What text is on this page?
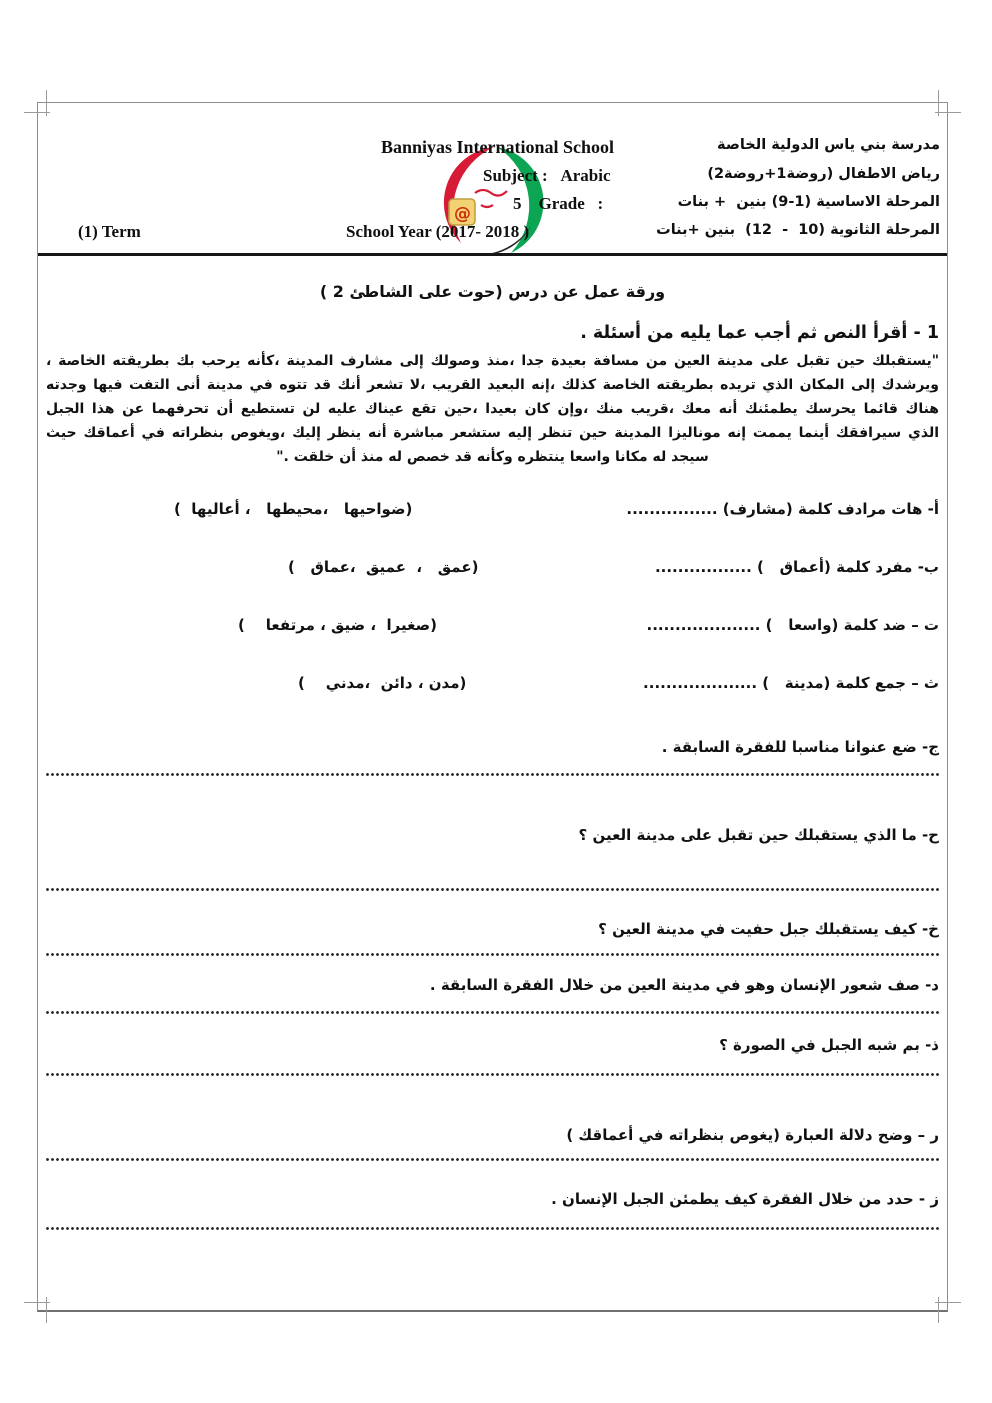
@
Banniyas International School	مدرسة بني ياس الدولية الخاصة
Subject :   Arabic	رياض الاطفال (روضة1+روضة2)
5    Grade   :	المرحلة الاساسية (1-9) بنين  + بنات
(1) Term	School Year (2017- 2018 )	المرحلة الثانوية (10  -  12)  بنين +بنات
ورقة عمل عن درس (حوت على الشاطئ 2 )
1 - أقرأ النص ثم أجب عما يليه من أسئلة .
"يستقبلك حين تقبل على مدينة العين من مسافة بعيدة جدا ،منذ وصولك إلى مشارف المدينة ،كأنه يرحب بك بطريقته الخاصة ،
ويرشدك إلى المكان الذي تريده بطريقته الخاصة كذلك ،إنه البعيد القريب ،لا تشعر أنك قد تتوه في مدينة أنى التفت فيها وجدته
هناك قائما يحرسك يطمئنك أنه معك ،قريب منك ،وإن كان بعيدا ،حين تقع عيناك عليه لن تستطيع أن تحرفهما عن هذا الجبل
الذي سيرافقك أينما يممت إنه موناليزا المدينة حين تنظر إليه ستشعر مباشرة أنه ينظر إليك ،ويغوص بنظراته في أعماقك حيث
سيجد له مكانا واسعا ينتظره وكأنه قد خصص له منذ أن خلقت ."
أ- هات مرادف كلمة (مشارف) ................
(ضواحيها   ،محيطها   ، أعاليها  )
ب- مفرد كلمة (أعماق   ) .................
(عمق   ،  عميق  ،عماق   )
ت – ضد كلمة (واسعا   ) ....................
(صغيرا  ، ضيق ، مرتفعا    )
ث – جمع كلمة (مدينة   ) ....................
(مدن ، دائن  ،مدني    )
ج- ضع عنوانا مناسبا للفقرة السابقة .
ح- ما الذي يستقبلك حين تقبل على مدينة العين ؟
خ- كيف يستقبلك جبل حفيت في مدينة العين ؟
د- صف شعور الإنسان وهو في مدينة العين من خلال الفقرة السابقة .
ذ- بم شبه الجبل في الصورة ؟
ر – وضح دلالة العبارة (يغوص بنظراته في أعماقك )
ز - حدد من خلال الفقرة كيف يطمئن الجبل الإنسان .
